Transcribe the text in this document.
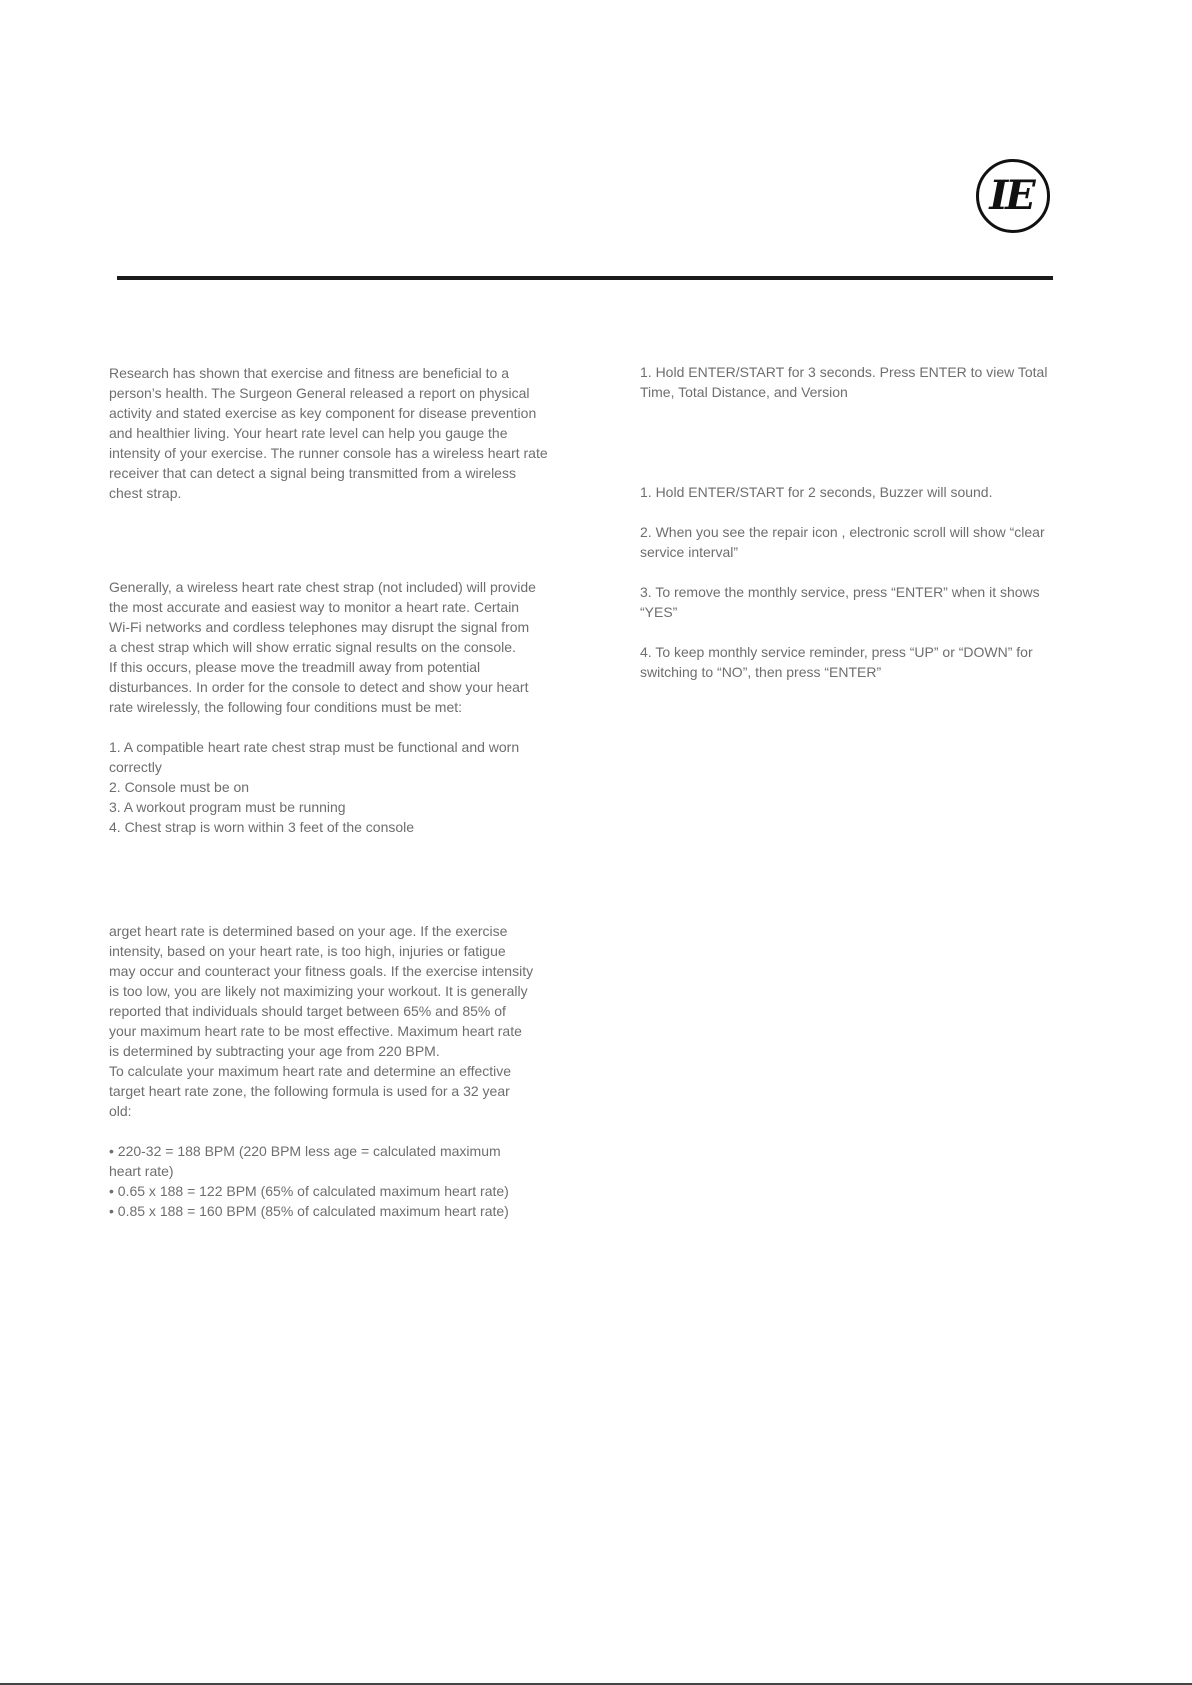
IE
Research has shown that exercise and fitness are beneficial to a
person’s health. The Surgeon General released a report on physical
activity and stated exercise as key component for disease prevention
and healthier living. Your heart rate level can help you gauge the
intensity of your exercise. The runner console has a wireless heart rate
receiver that can detect a signal being transmitted from a wireless
chest strap.
Generally, a wireless heart rate chest strap (not included) will provide
the most accurate and easiest way to monitor a heart rate. Certain
Wi-Fi networks and cordless telephones may disrupt the signal from
a chest strap which will show erratic signal results on the console.
If this occurs, please move the treadmill away from potential
disturbances. In order for the console to detect and show your heart
rate wirelessly, the following four conditions must be met:
1. A compatible heart rate chest strap must be functional and worn
correctly
2. Console must be on
3. A workout program must be running
4. Chest strap is worn within 3 feet of the console
arget heart rate is determined based on your age. If the exercise
intensity, based on your heart rate, is too high, injuries or fatigue
may occur and counteract your fitness goals. If the exercise intensity
is too low, you are likely not maximizing your workout. It is generally
reported that individuals should target between 65% and 85% of
your maximum heart rate to be most effective. Maximum heart rate
is determined by subtracting your age from 220 BPM.
To calculate your maximum heart rate and determine an effective
target heart rate zone, the following formula is used for a 32 year
old:
• 220-32 = 188 BPM (220 BPM less age = calculated maximum
heart rate)
• 0.65 x 188 = 122 BPM (65% of calculated maximum heart rate)
• 0.85 x 188 = 160 BPM (85% of calculated maximum heart rate)
1. Hold ENTER/START for 3 seconds. Press ENTER to view Total
Time, Total Distance, and Version
1. Hold ENTER/START for 2 seconds, Buzzer will sound.
2. When you see the repair icon , electronic scroll will show “clear
service interval”
3. To remove the monthly service, press “ENTER” when it shows
“YES”
4. To keep monthly service reminder, press “UP” or “DOWN” for
switching to “NO”, then press “ENTER”
